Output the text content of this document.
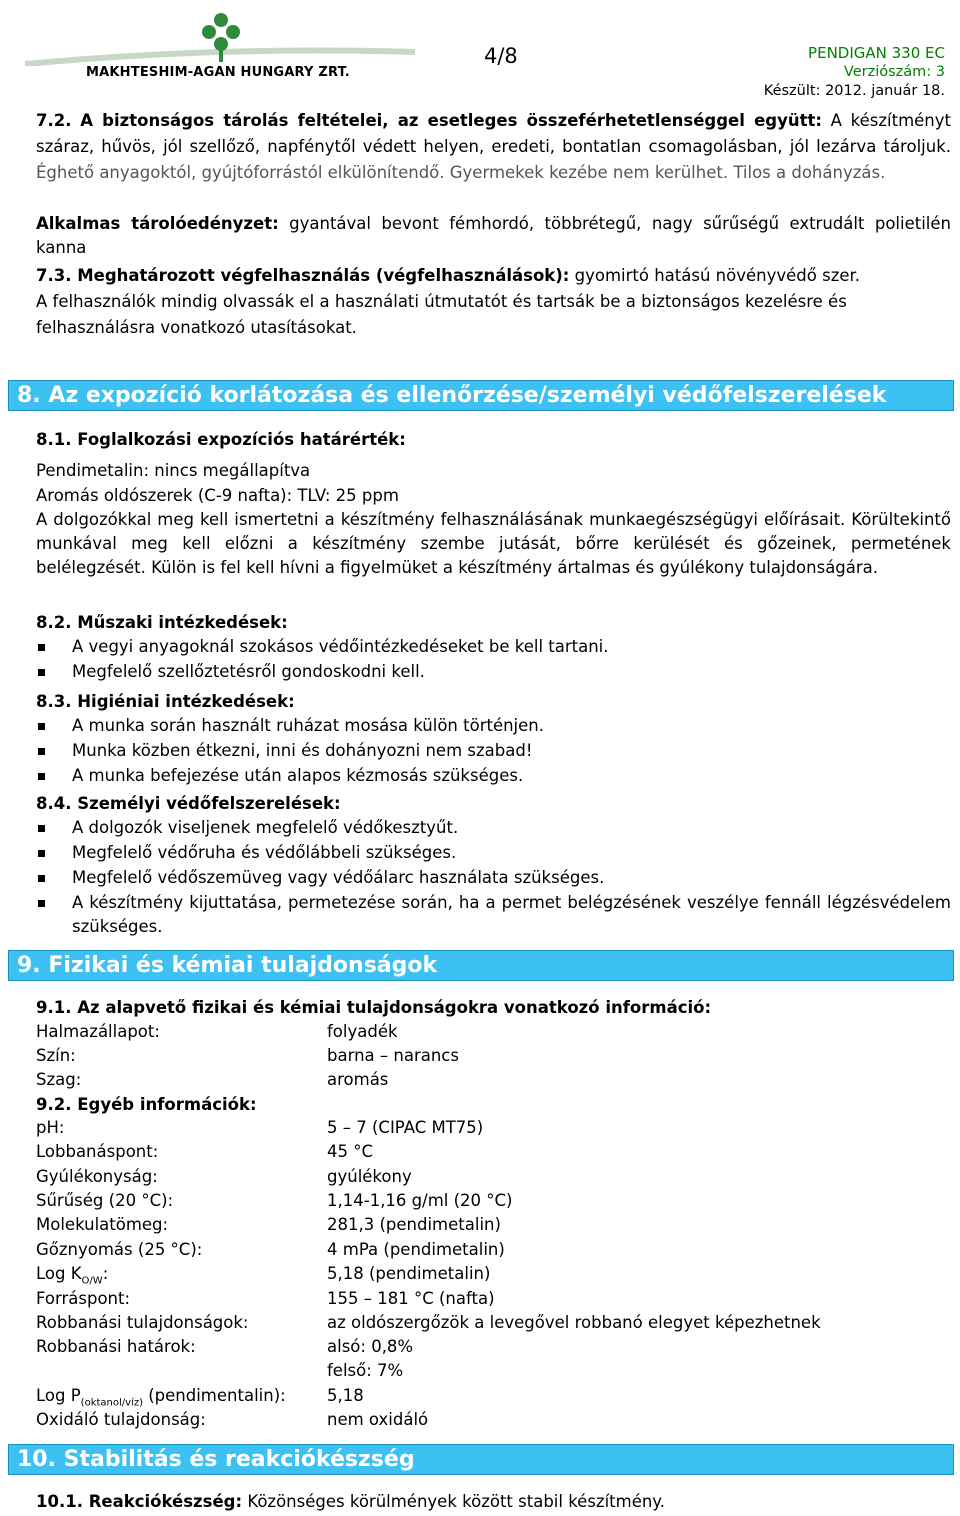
MAKHTESHIM-AGAN HUNGARY ZRT.
4/8	PENDIGAN 330 EC
Verziószám: 3
Készült: 2012. január 18.
7.2. A biztonságos tárolás feltételei, az esetleges összeférhetetlenséggel együtt: A készítményt száraz, hűvös, jól szellőző, napfénytől védett helyen, eredeti, bontatlan csomagolásban, jól lezárva tároljuk. Éghető anyagoktól, gyújtóforrástól elkülönítendő. Gyermekek kezébe nem kerülhet. Tilos a dohányzás.
Alkalmas tárolóedényzet: gyantával bevont fémhordó, többrétegű, nagy sűrűségű extrudált polietilén kanna
7.3. Meghatározott végfelhasználás (végfelhasználások): gyomirtó hatású növényvédő szer.
A felhasználók mindig olvassák el a használati útmutatót és tartsák be a biztonságos kezelésre és felhasználásra vonatkozó utasításokat.
8. Az expozíció korlátozása és ellenőrzése/személyi védőfelszerelések
8.1. Foglalkozási expozíciós határérték:
Pendimetalin: nincs megállapítva
Aromás oldószerek (C-9 nafta): TLV: 25 ppm
A dolgozókkal meg kell ismertetni a készítmény felhasználásának munkaegészségügyi előírásait. Körültekintő munkával meg kell előzni a készítmény szembe jutását, bőrre kerülését és gőzeinek, permetének belélegzését. Külön is fel kell hívni a figyelmüket a készítmény ártalmas és gyúlékony tulajdonságára.
8.2. Műszaki intézkedések:
A vegyi anyagoknál szokásos védőintézkedéseket be kell tartani.
Megfelelő szellőztetésről gondoskodni kell.
8.3. Higiéniai intézkedések:
A munka során használt ruházat mosása külön történjen.
Munka közben étkezni, inni és dohányozni nem szabad!
A munka befejezése után alapos kézmosás szükséges.
8.4. Személyi védőfelszerelések:
A dolgozók viseljenek megfelelő védőkesztyűt.
Megfelelő védőruha és védőlábbeli szükséges.
Megfelelő védőszemüveg vagy védőálarc használata szükséges.
A készítmény kijuttatása, permetezése során, ha a permet belégzésének veszélye fennáll légzésvédelem szükséges.
9. Fizikai és kémiai tulajdonságok
9.1. Az alapvető fizikai és kémiai tulajdonságokra vonatkozó információ:
Halmazállapot:	folyadék
Szín:	barna – narancs
Szag:	aromás
9.2. Egyéb információk:
pH:	5 – 7 (CIPAC MT75)
Lobbanáspont:	45 °C
Gyúlékonyság:	gyúlékony
Sűrűség (20 °C):	1,14-1,16 g/ml (20 °C)
Molekulatömeg:	281,3 (pendimetalin)
Gőznyomás (25 °C):	4 mPa (pendimetalin)
Log $K_{O/W}$:	5,18 (pendimetalin)
Forráspont:	155 – 181 °C (nafta)
Robbanási tulajdonságok:	az oldószergőzök a levegővel robbanó elegyet képezhetnek
Robbanási határok:	alsó: 0,8%
felső: 7%
Log $P_{(oktanol/víz)}$ (pendimentalin):	5,18
Oxidáló tulajdonság:	nem oxidáló
10. Stabilitás és reakciókészség
10.1. Reakciókészség: Közönséges körülmények között stabil készítmény.
